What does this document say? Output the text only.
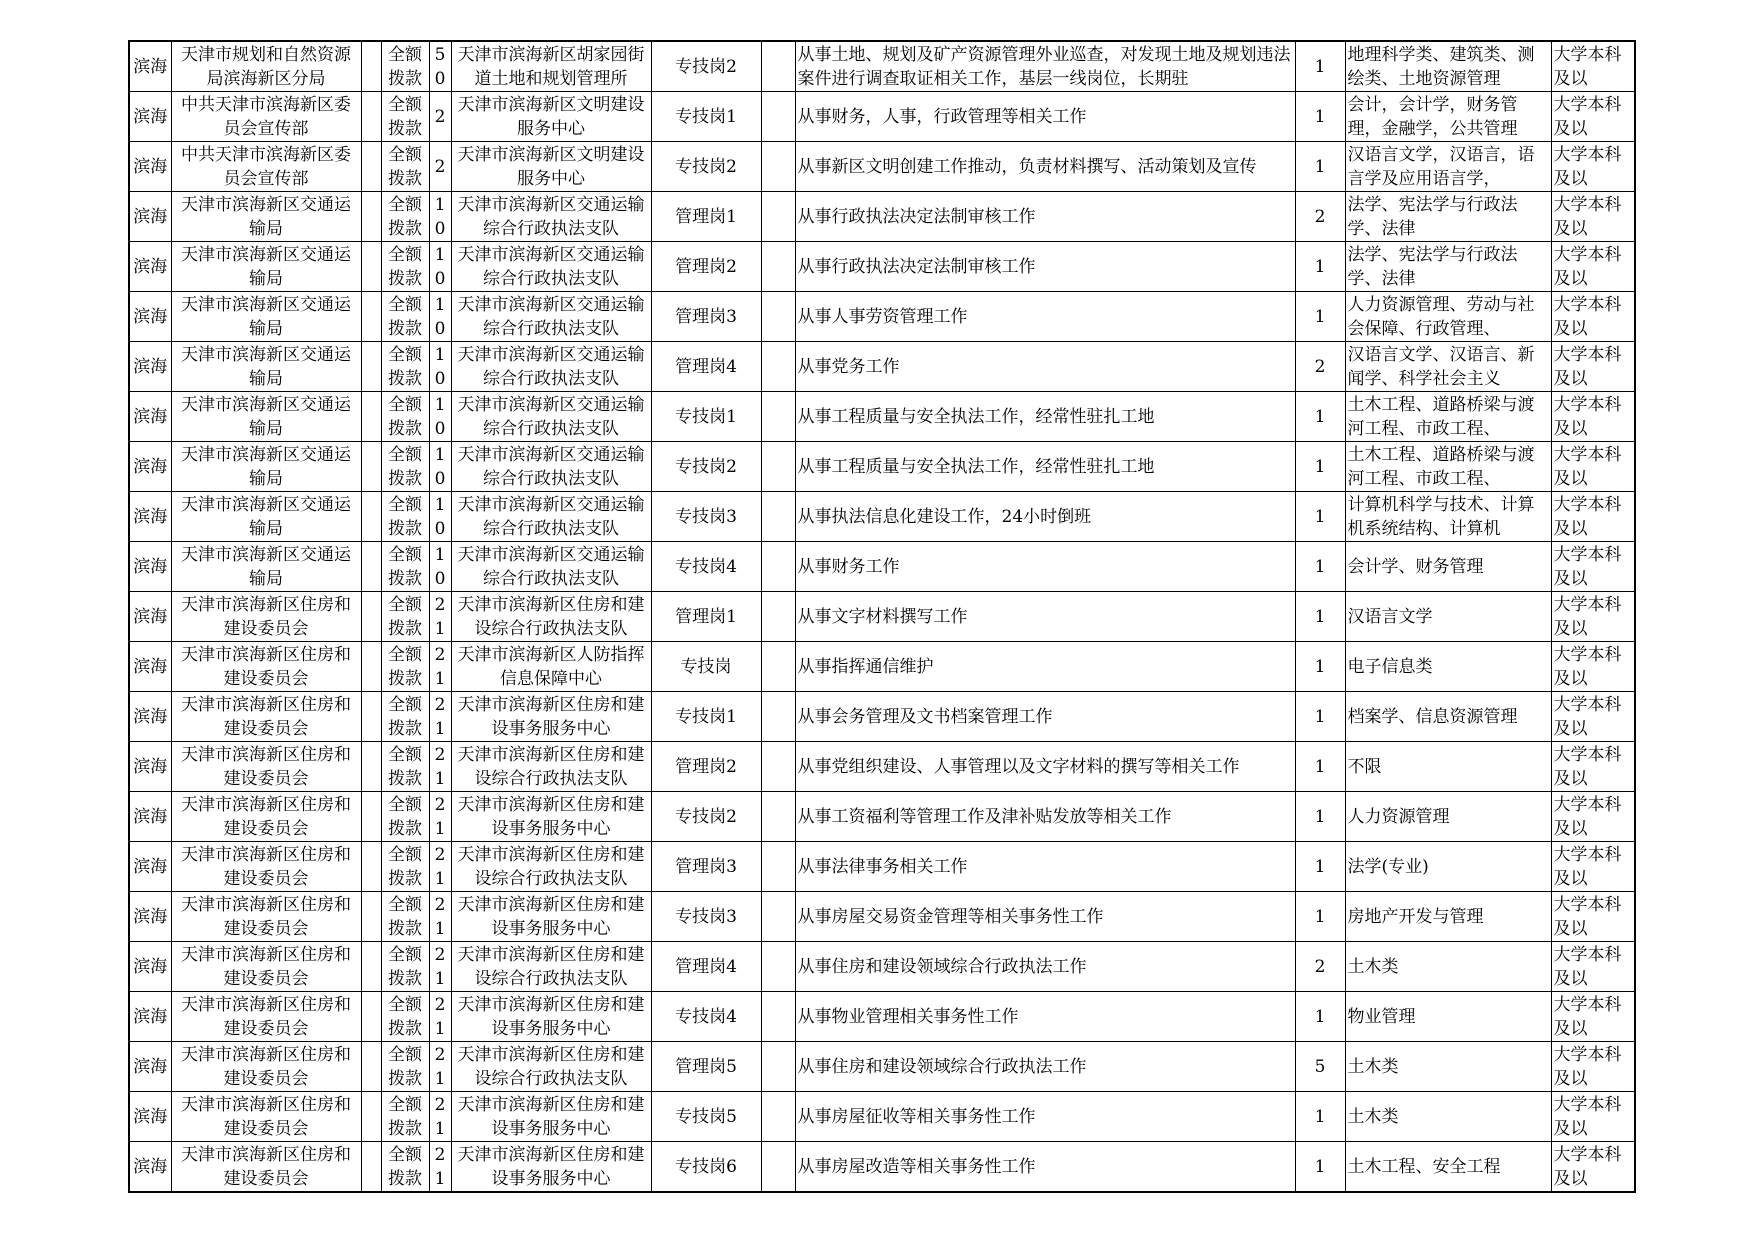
滨海	天津市规划和自然资源局滨海新区分局		全额拨款	50	天津市滨海新区胡家园街道土地和规划管理所	专技岗2		从事土地、规划及矿产资源管理外业巡查，对发现土地及规划违法案件进行调查取证相关工作，基层一线岗位，长期驻	1	地理科学类、建筑类、测绘类、土地资源管理	大学本科及以

滨海	中共天津市滨海新区委员会宣传部		全额拨款	2	天津市滨海新区文明建设服务中心	专技岗1		从事财务，人事，行政管理等相关工作	1	会计，会计学，财务管理，金融学，公共管理	大学本科及以

滨海	中共天津市滨海新区委员会宣传部		全额拨款	2	天津市滨海新区文明建设服务中心	专技岗2		从事新区文明创建工作推动，负责材料撰写、活动策划及宣传	1	汉语言文学，汉语言，语言学及应用语言学，	大学本科及以

滨海	天津市滨海新区交通运输局		全额拨款	10	天津市滨海新区交通运输综合行政执法支队	管理岗1		从事行政执法决定法制审核工作	2	法学、宪法学与行政法学、法律	大学本科及以

滨海	天津市滨海新区交通运输局		全额拨款	10	天津市滨海新区交通运输综合行政执法支队	管理岗2		从事行政执法决定法制审核工作	1	法学、宪法学与行政法学、法律	大学本科及以

滨海	天津市滨海新区交通运输局		全额拨款	10	天津市滨海新区交通运输综合行政执法支队	管理岗3		从事人事劳资管理工作	1	人力资源管理、劳动与社会保障、行政管理、	大学本科及以

滨海	天津市滨海新区交通运输局		全额拨款	10	天津市滨海新区交通运输综合行政执法支队	管理岗4		从事党务工作	2	汉语言文学、汉语言、新闻学、科学社会主义	大学本科及以

滨海	天津市滨海新区交通运输局		全额拨款	10	天津市滨海新区交通运输综合行政执法支队	专技岗1		从事工程质量与安全执法工作，经常性驻扎工地	1	土木工程、道路桥梁与渡河工程、市政工程、	大学本科及以

滨海	天津市滨海新区交通运输局		全额拨款	10	天津市滨海新区交通运输综合行政执法支队	专技岗2		从事工程质量与安全执法工作，经常性驻扎工地	1	土木工程、道路桥梁与渡河工程、市政工程、	大学本科及以

滨海	天津市滨海新区交通运输局		全额拨款	10	天津市滨海新区交通运输综合行政执法支队	专技岗3		从事执法信息化建设工作，24小时倒班	1	计算机科学与技术、计算机系统结构、计算机	大学本科及以

滨海	天津市滨海新区交通运输局		全额拨款	10	天津市滨海新区交通运输综合行政执法支队	专技岗4		从事财务工作	1	会计学、财务管理	大学本科及以

滨海	天津市滨海新区住房和建设委员会		全额拨款	21	天津市滨海新区住房和建设综合行政执法支队	管理岗1		从事文字材料撰写工作	1	汉语言文学	大学本科及以

滨海	天津市滨海新区住房和建设委员会		全额拨款	21	天津市滨海新区人防指挥信息保障中心	专技岗		从事指挥通信维护	1	电子信息类	大学本科及以

滨海	天津市滨海新区住房和建设委员会		全额拨款	21	天津市滨海新区住房和建设事务服务中心	专技岗1		从事会务管理及文书档案管理工作	1	档案学、信息资源管理	大学本科及以

滨海	天津市滨海新区住房和建设委员会		全额拨款	21	天津市滨海新区住房和建设综合行政执法支队	管理岗2		从事党组织建设、人事管理以及文字材料的撰写等相关工作	1	不限	大学本科及以

滨海	天津市滨海新区住房和建设委员会		全额拨款	21	天津市滨海新区住房和建设事务服务中心	专技岗2		从事工资福利等管理工作及津补贴发放等相关工作	1	人力资源管理	大学本科及以

滨海	天津市滨海新区住房和建设委员会		全额拨款	21	天津市滨海新区住房和建设综合行政执法支队	管理岗3		从事法律事务相关工作	1	法学(专业)	大学本科及以

滨海	天津市滨海新区住房和建设委员会		全额拨款	21	天津市滨海新区住房和建设事务服务中心	专技岗3		从事房屋交易资金管理等相关事务性工作	1	房地产开发与管理	大学本科及以

滨海	天津市滨海新区住房和建设委员会		全额拨款	21	天津市滨海新区住房和建设综合行政执法支队	管理岗4		从事住房和建设领域综合行政执法工作	2	土木类	大学本科及以

滨海	天津市滨海新区住房和建设委员会		全额拨款	21	天津市滨海新区住房和建设事务服务中心	专技岗4		从事物业管理相关事务性工作	1	物业管理	大学本科及以

滨海	天津市滨海新区住房和建设委员会		全额拨款	21	天津市滨海新区住房和建设综合行政执法支队	管理岗5		从事住房和建设领域综合行政执法工作	5	土木类	大学本科及以

滨海	天津市滨海新区住房和建设委员会		全额拨款	21	天津市滨海新区住房和建设事务服务中心	专技岗5		从事房屋征收等相关事务性工作	1	土木类	大学本科及以

滨海	天津市滨海新区住房和建设委员会		全额拨款	21	天津市滨海新区住房和建设事务服务中心	专技岗6		从事房屋改造等相关事务性工作	1	土木工程、安全工程	大学本科及以
